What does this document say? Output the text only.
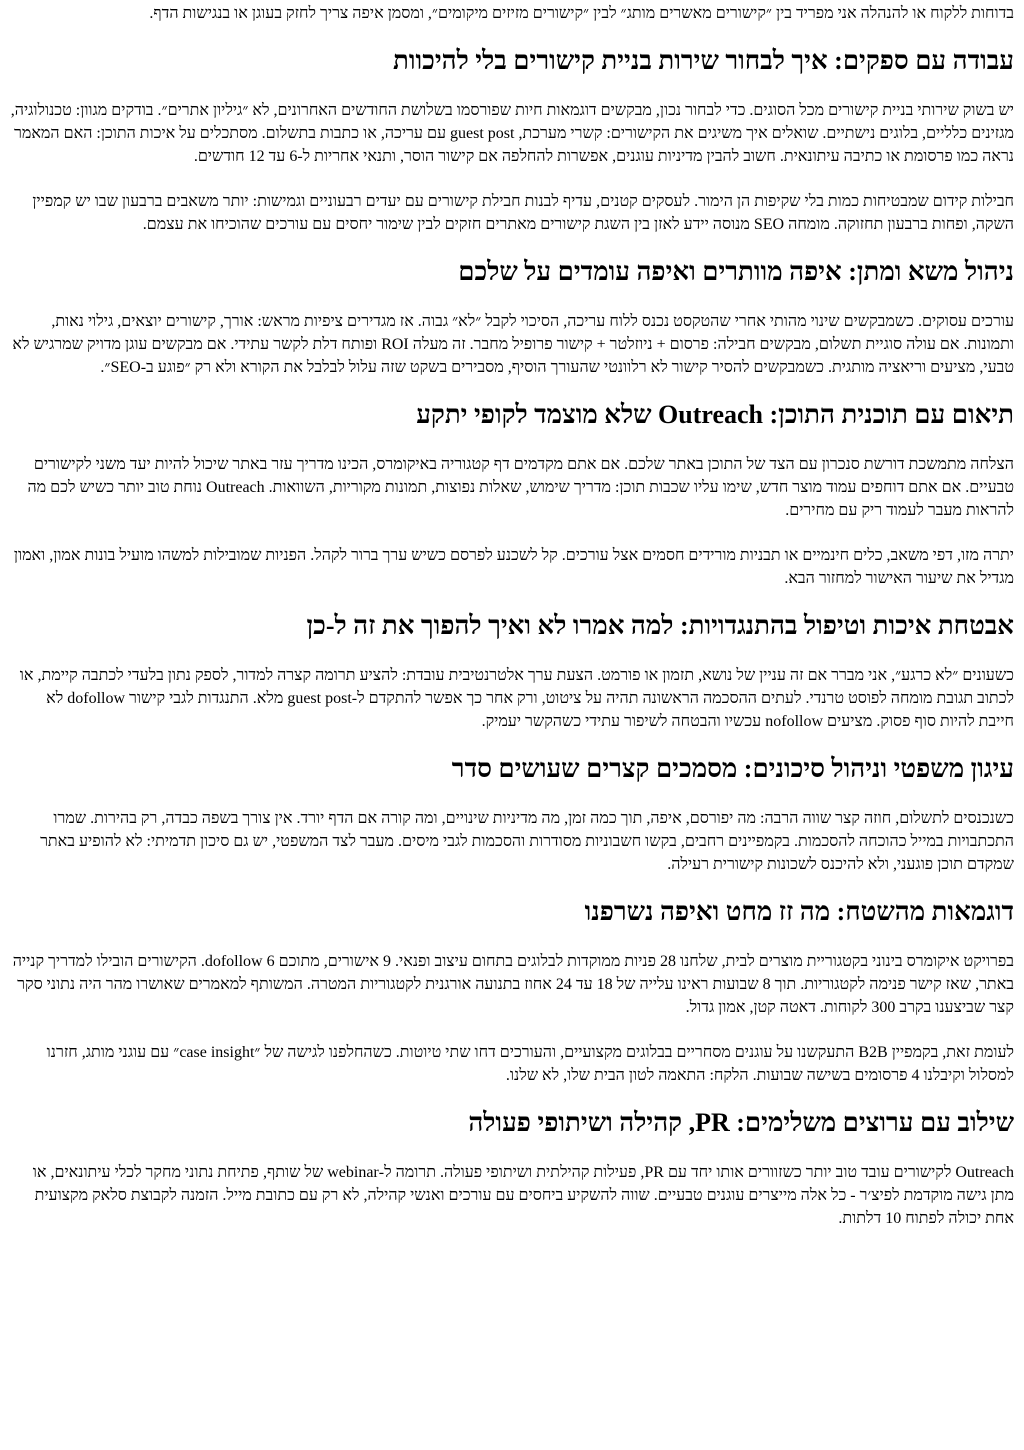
בדוחות ללקוח או להנהלה אני מפריד בין ״קישורים מאשרים מותג״ לבין ״קישורים מזיזים מיקומים״, ומסמן איפה צריך לחזק בעוגן או בנגישות הדף.

עבודה עם ספקים: איך לבחור שירות בניית קישורים בלי להיכוות

יש בשוק שירותי בניית קישורים מכל הסוגים. כדי לבחור נכון, מבקשים דוגמאות חיות שפורסמו בשלושת החודשים האחרונים, לא ״גיליון אתרים״. בודקים מגוון: טכנולוגיה, מגזינים כלליים, בלוגים נישתיים. שואלים איך משיגים את הקישורים: קשרי מערכת, guest post עם עריכה, או כתבות בתשלום. מסתכלים על איכות התוכן: האם המאמר נראה כמו פרסומת או כתיבה עיתונאית. חשוב להבין מדיניות עוגנים, אפשרות להחלפה אם קישור הוסר, ותנאי אחריות ל-6 עד 12 חודשים.

חבילות קידום שמבטיחות כמות בלי שקיפות הן הימור. לעסקים קטנים, עדיף לבנות חבילת קישורים עם יעדים רבעוניים וגמישות: יותר משאבים ברבעון שבו יש קמפיין השקה, ופחות ברבעון תחזוקה. מומחה SEO מנוסה יידע לאזן בין השגת קישורים מאתרים חזקים לבין שימור יחסים עם עורכים שהוכיחו את עצמם.

ניהול משא ומתן: איפה מוותרים ואיפה עומדים על שלכם

עורכים עסוקים. כשמבקשים שינוי מהותי אחרי שהטקסט נכנס ללוח עריכה, הסיכוי לקבל ״לא״ גבוה. אז מגדירים ציפיות מראש: אורך, קישורים יוצאים, גילוי נאות, ותמונות. אם עולה סוגיית תשלום, מבקשים חבילה: פרסום + ניוזלטר + קישור פרופיל מחבר. זה מעלה ROI ופותח דלת לקשר עתידי. אם מבקשים עוגן מדויק שמרגיש לא טבעי, מציעים וריאציה מותגית. כשמבקשים להסיר קישור לא רלוונטי שהעורך הוסיף, מסבירים בשקט שזה עלול לבלבל את הקורא ולא רק ״פוגע ב-SEO״.

תיאום עם תוכנית התוכן: Outreach שלא מוצמד לקופי יתקע

הצלחה מתמשכת דורשת סנכרון עם הצד של התוכן באתר שלכם. אם אתם מקדמים דף קטגוריה באיקומרס, הכינו מדריך עזר באתר שיכול להיות יעד משני לקישורים טבעיים. אם אתם דוחפים עמוד מוצר חדש, שימו עליו שכבות תוכן: מדריך שימוש, שאלות נפוצות, תמונות מקוריות, השוואות. Outreach נוחת טוב יותר כשיש לכם מה להראות מעבר לעמוד ריק עם מחירים.

יתרה מזו, דפי משאב, כלים חינמיים או תבניות מורידים חסמים אצל עורכים. קל לשכנע לפרסם כשיש ערך ברור לקהל. הפניות שמובילות למשהו מועיל בונות אמון, ואמון מגדיל את שיעור האישור למחזור הבא.

אבטחת איכות וטיפול בהתנגדויות: למה אמרו לא ואיך להפוך את זה ל-כן

כשעונים ״לא כרגע״, אני מברר אם זה עניין של נושא, תזמון או פורמט. הצעת ערך אלטרנטיבית עובדת: להציע תרומה קצרה למדור, לספק נתון בלעדי לכתבה קיימת, או לכתוב תגובת מומחה לפוסט טרנדי. לעתים ההסכמה הראשונה תהיה על ציטוט, ורק אחר כך אפשר להתקדם ל-guest post מלא. התנגדות לגבי קישור dofollow לא חייבת להיות סוף פסוק. מציעים nofollow עכשיו והבטחה לשיפור עתידי כשהקשר יעמיק.

עיגון משפטי וניהול סיכונים: מסמכים קצרים שעושים סדר

כשנכנסים לתשלום, חוזה קצר שווה הרבה: מה יפורסם, איפה, תוך כמה זמן, מה מדיניות שינויים, ומה קורה אם הדף יורד. אין צורך בשפה כבדה, רק בהירות. שמרו התכתבויות במייל כהוכחה להסכמות. בקמפיינים רחבים, בקשו חשבוניות מסודרות והסכמות לגבי מיסים. מעבר לצד המשפטי, יש גם סיכון תדמיתי: לא להופיע באתר שמקדם תוכן פוגעני, ולא להיכנס לשכונות קישורית רעילה.

דוגמאות מהשטח: מה זז מחט ואיפה נשרפנו

בפרויקט איקומרס בינוני בקטגוריית מוצרים לבית, שלחנו 28 פניות ממוקדות לבלוגים בתחום עיצוב ופנאי. 9 אישורים, מתוכם 6 dofollow. הקישורים הובילו למדריך קנייה באתר, שאז קישר פנימה לקטגוריות. תוך 8 שבועות ראינו עלייה של 18 עד 24 אחוז בתנועה אורגנית לקטגוריות המטרה. המשותף למאמרים שאושרו מהר היה נתוני סקר קצר שביצענו בקרב 300 לקוחות. דאטה קטן, אמון גדול.

לעומת זאת, בקמפיין B2B התעקשנו על עוגנים מסחריים בבלוגים מקצועיים, והעורכים דחו שתי טיוטות. כשהחלפנו לגישה של ״case insight״ עם עוגני מותג, חזרנו למסלול וקיבלנו 4 פרסומים בשישה שבועות. הלקח: התאמה לטון הבית שלו, לא שלנו.

שילוב עם ערוצים משלימים: PR, קהילה ושיתופי פעולה

Outreach לקישורים עובד טוב יותר כשזוורים אותו יחד עם PR, פעילות קהילתית ושיתופי פעולה. תרומה ל-webinar של שותף, פתיחת נתוני מחקר לכלי עיתונאים, או מתן גישה מוקדמת לפיצ׳ר - כל אלה מייצרים עוגנים טבעיים. שווה להשקיע ביחסים עם עורכים ואנשי קהילה, לא רק עם כתובת מייל. הזמנה לקבוצת סלאק מקצועית אחת יכולה לפתוח 10 דלתות.
